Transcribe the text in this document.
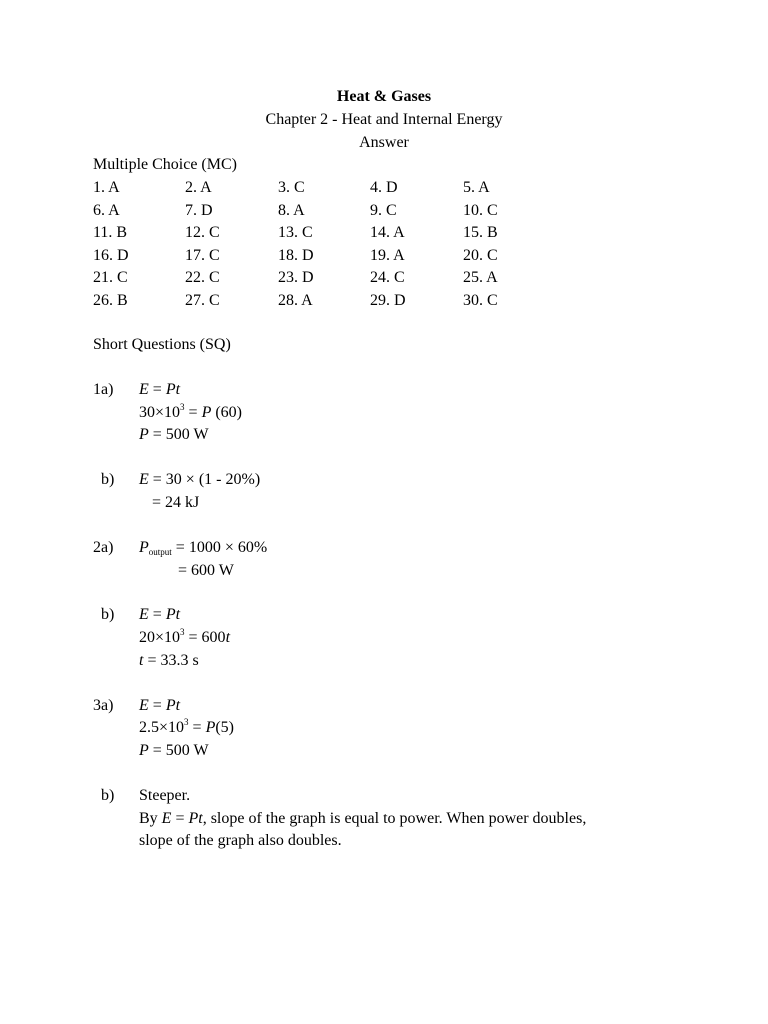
Heat & Gases
Chapter 2 - Heat and Internal Energy
Answer
Multiple Choice (MC)
1. A	2. A	3. C	4. D	5. A
6. A	7. D	8. A	9. C	10. C
11. B	12. C	13. C	14. A	15. B
16. D	17. C	18. D	19. A	20. C
21. C	22. C	23. D	24. C	25. A
26. B	27. C	28. A	29. D	30. C
Short Questions (SQ)
1a) E = Pt
$30\times 10^3 = P$ (60)
P = 500 W
b) E = 30 × (1 - 20%)
= 24 kJ
2a) $P_{output} = 1000 \times 60\%$
= 600 W
b) E = Pt
$20\times 10^3 = 600t$
t = 33.3 s
3a) E = Pt
$2.5\times 10^3 = P(5)$
P = 500 W
b) Steeper.
By E = Pt, slope of the graph is equal to power. When power doubles,
slope of the graph also doubles.
